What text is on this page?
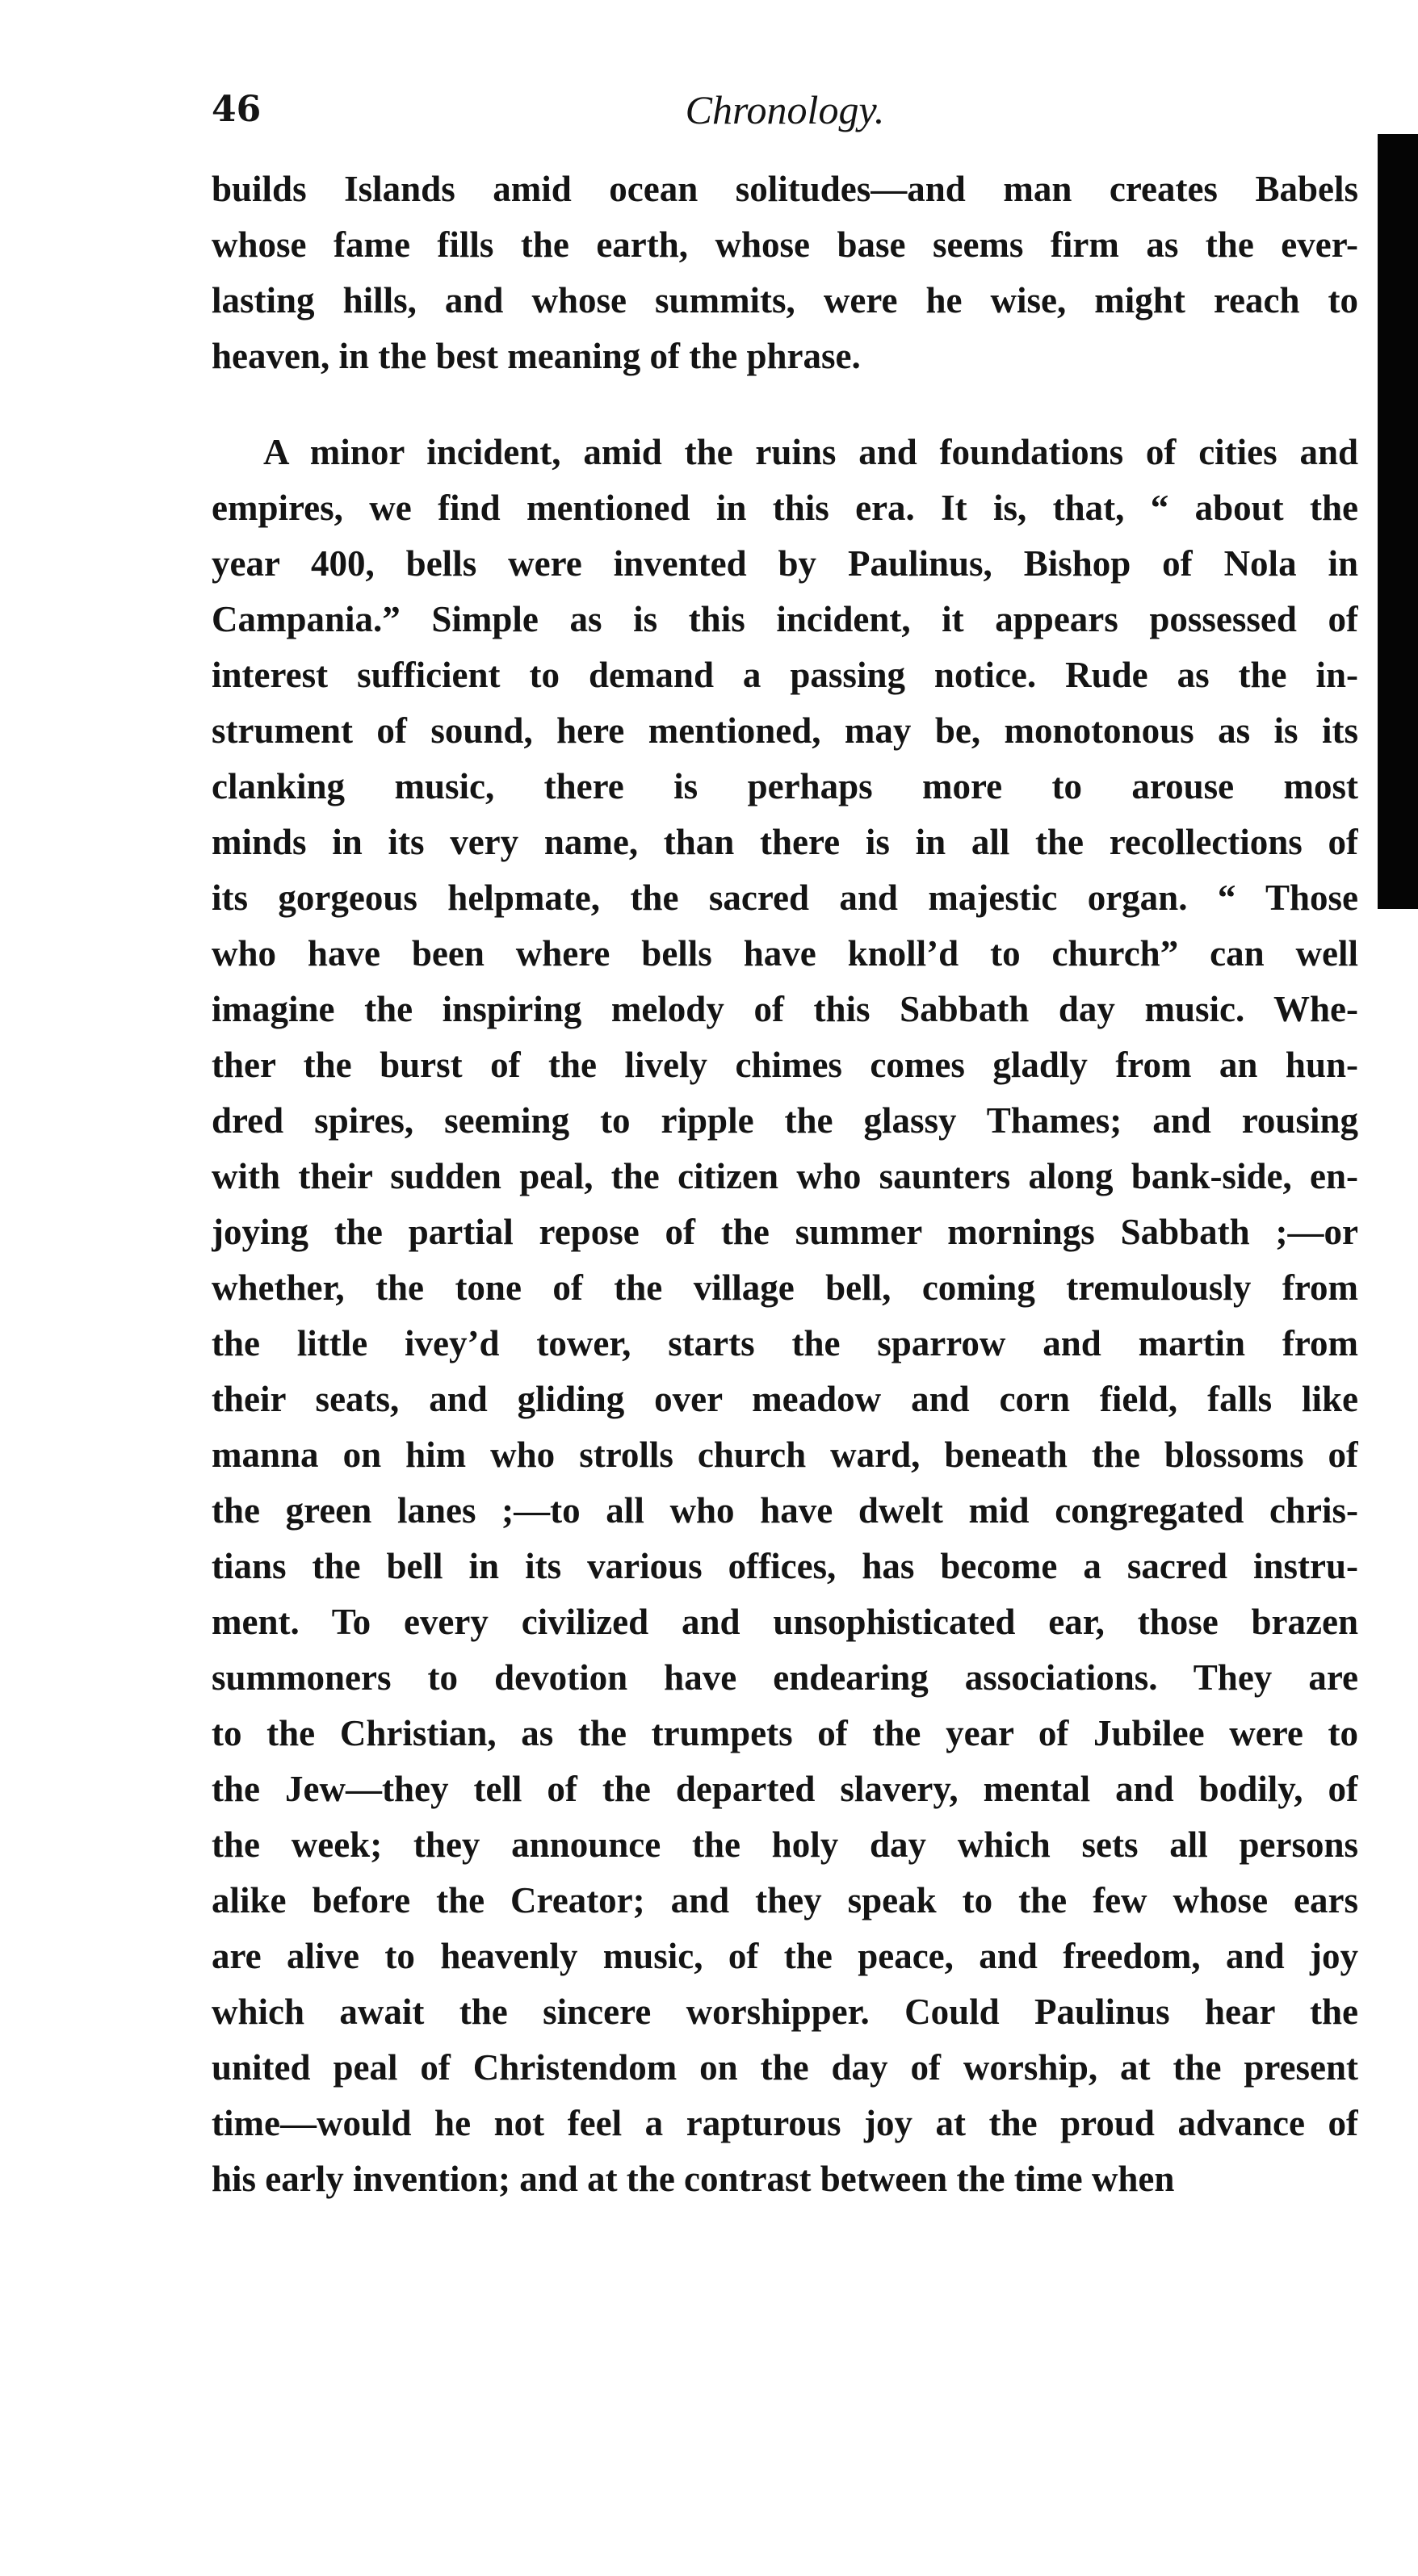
46	Chronology.
builds Islands amid ocean solitudes—and man creates Babels
whose fame fills the earth, whose base seems firm as the ever-
lasting hills, and whose summits, were he wise, might reach to
heaven, in the best meaning of the phrase.
A minor incident, amid the ruins and foundations of cities and
empires, we find mentioned in this era. It is, that, “ about the
year 400, bells were invented by Paulinus, Bishop of Nola in
Campania.” Simple as is this incident, it appears possessed of
interest sufficient to demand a passing notice. Rude as the in-
strument of sound, here mentioned, may be, monotonous as is its
clanking music, there is perhaps more to arouse most
minds in its very name, than there is in all the recollections of
its gorgeous helpmate, the sacred and majestic organ. “ Those
who have been where bells have knoll’d to church” can well
imagine the inspiring melody of this Sabbath day music. Whe-
ther the burst of the lively chimes comes gladly from an hun-
dred spires, seeming to ripple the glassy Thames; and rousing
with their sudden peal, the citizen who saunters along bank-side, en-
joying the partial repose of the summer mornings Sabbath ;—or
whether, the tone of the village bell, coming tremulously from
the little ivey’d tower, starts the sparrow and martin from
their seats, and gliding over meadow and corn field, falls like
manna on him who strolls church ward, beneath the blossoms of
the green lanes ;—to all who have dwelt mid congregated chris-
tians the bell in its various offices, has become a sacred instru-
ment. To every civilized and unsophisticated ear, those brazen
summoners to devotion have endearing associations. They are
to the Christian, as the trumpets of the year of Jubilee were to
the Jew—they tell of the departed slavery, mental and bodily, of
the week; they announce the holy day which sets all persons
alike before the Creator; and they speak to the few whose ears
are alive to heavenly music, of the peace, and freedom, and joy
which await the sincere worshipper. Could Paulinus hear the
united peal of Christendom on the day of worship, at the present
time—would he not feel a rapturous joy at the proud advance of
his early invention; and at the contrast between the time when
